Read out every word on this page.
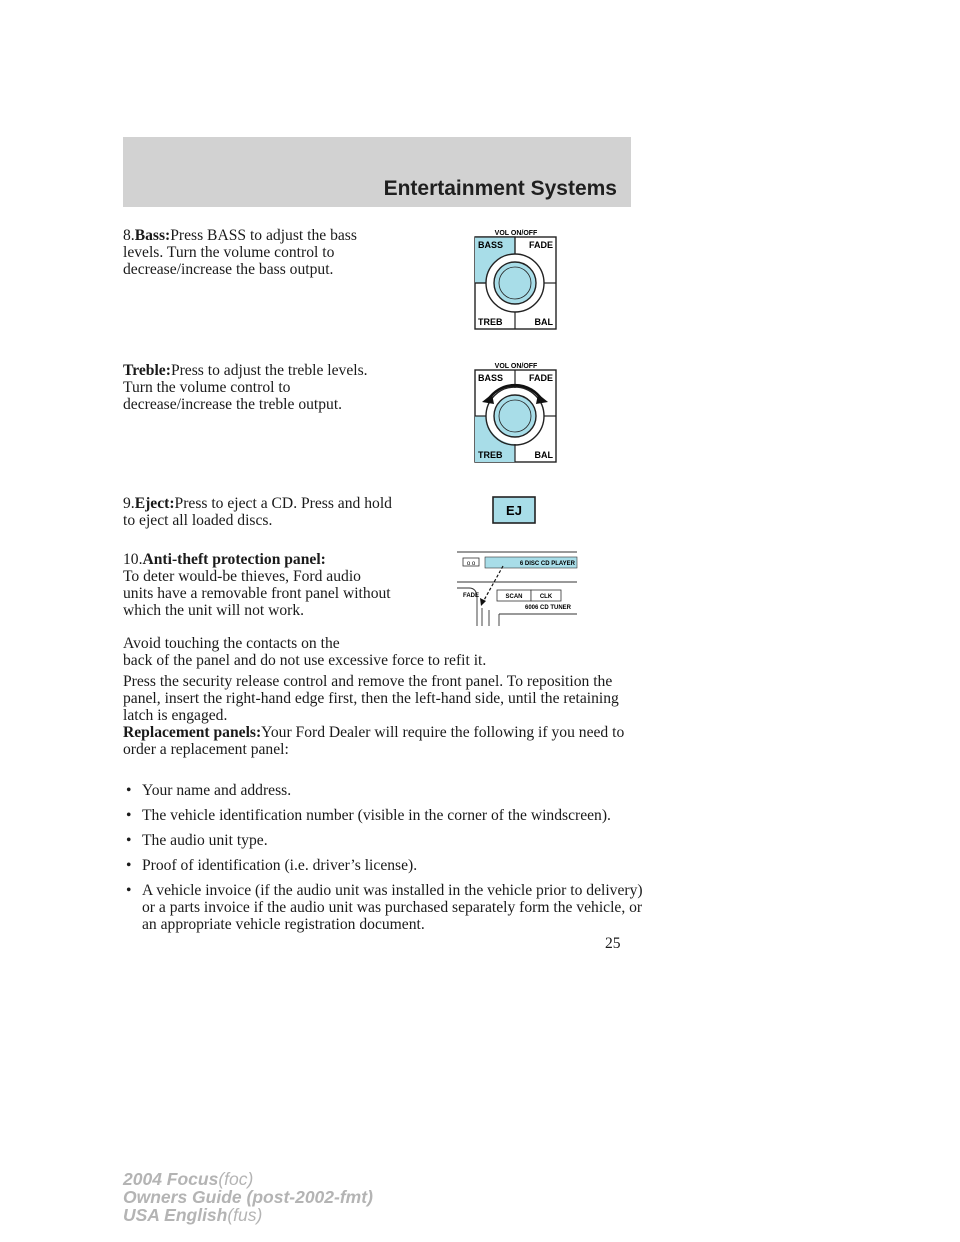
Entertainment Systems

8.Bass:Press BASS to adjust the bass levels. Turn the volume control to decrease/increase the bass output.

VOL ON/OFF
BASS	FADE
TREB	BAL

Treble:Press to adjust the treble levels. Turn the volume control to decrease/increase the treble output.

VOL ON/OFF
BASS	FADE
TREB	BAL

9.Eject:Press to eject a CD. Press and hold to eject all loaded discs.

EJ

10.Anti-theft protection panel:
To deter would-be thieves, Ford audio units have a removable front panel without which the unit will not work.

o o	6 DISC CD PLAYER
FADE	SCAN	CLK
6006 CD TUNER

Avoid touching the contacts on the
back of the panel and do not use excessive force to refit it.

Press the security release control and remove the front panel. To reposition the panel, insert the right-hand edge first, then the left-hand side, until the retaining latch is engaged.

Replacement panels:Your Ford Dealer will require the following if you need to order a replacement panel:

• Your name and address.
• The vehicle identification number (visible in the corner of the windscreen).
• The audio unit type.
• Proof of identification (i.e. driver’s license).
• A vehicle invoice (if the audio unit was installed in the vehicle prior to delivery) or a parts invoice if the audio unit was purchased separately form the vehicle, or an appropriate vehicle registration document.
25
2004 Focus(foc)
Owners Guide (post-2002-fmt)
USA English(fus)
